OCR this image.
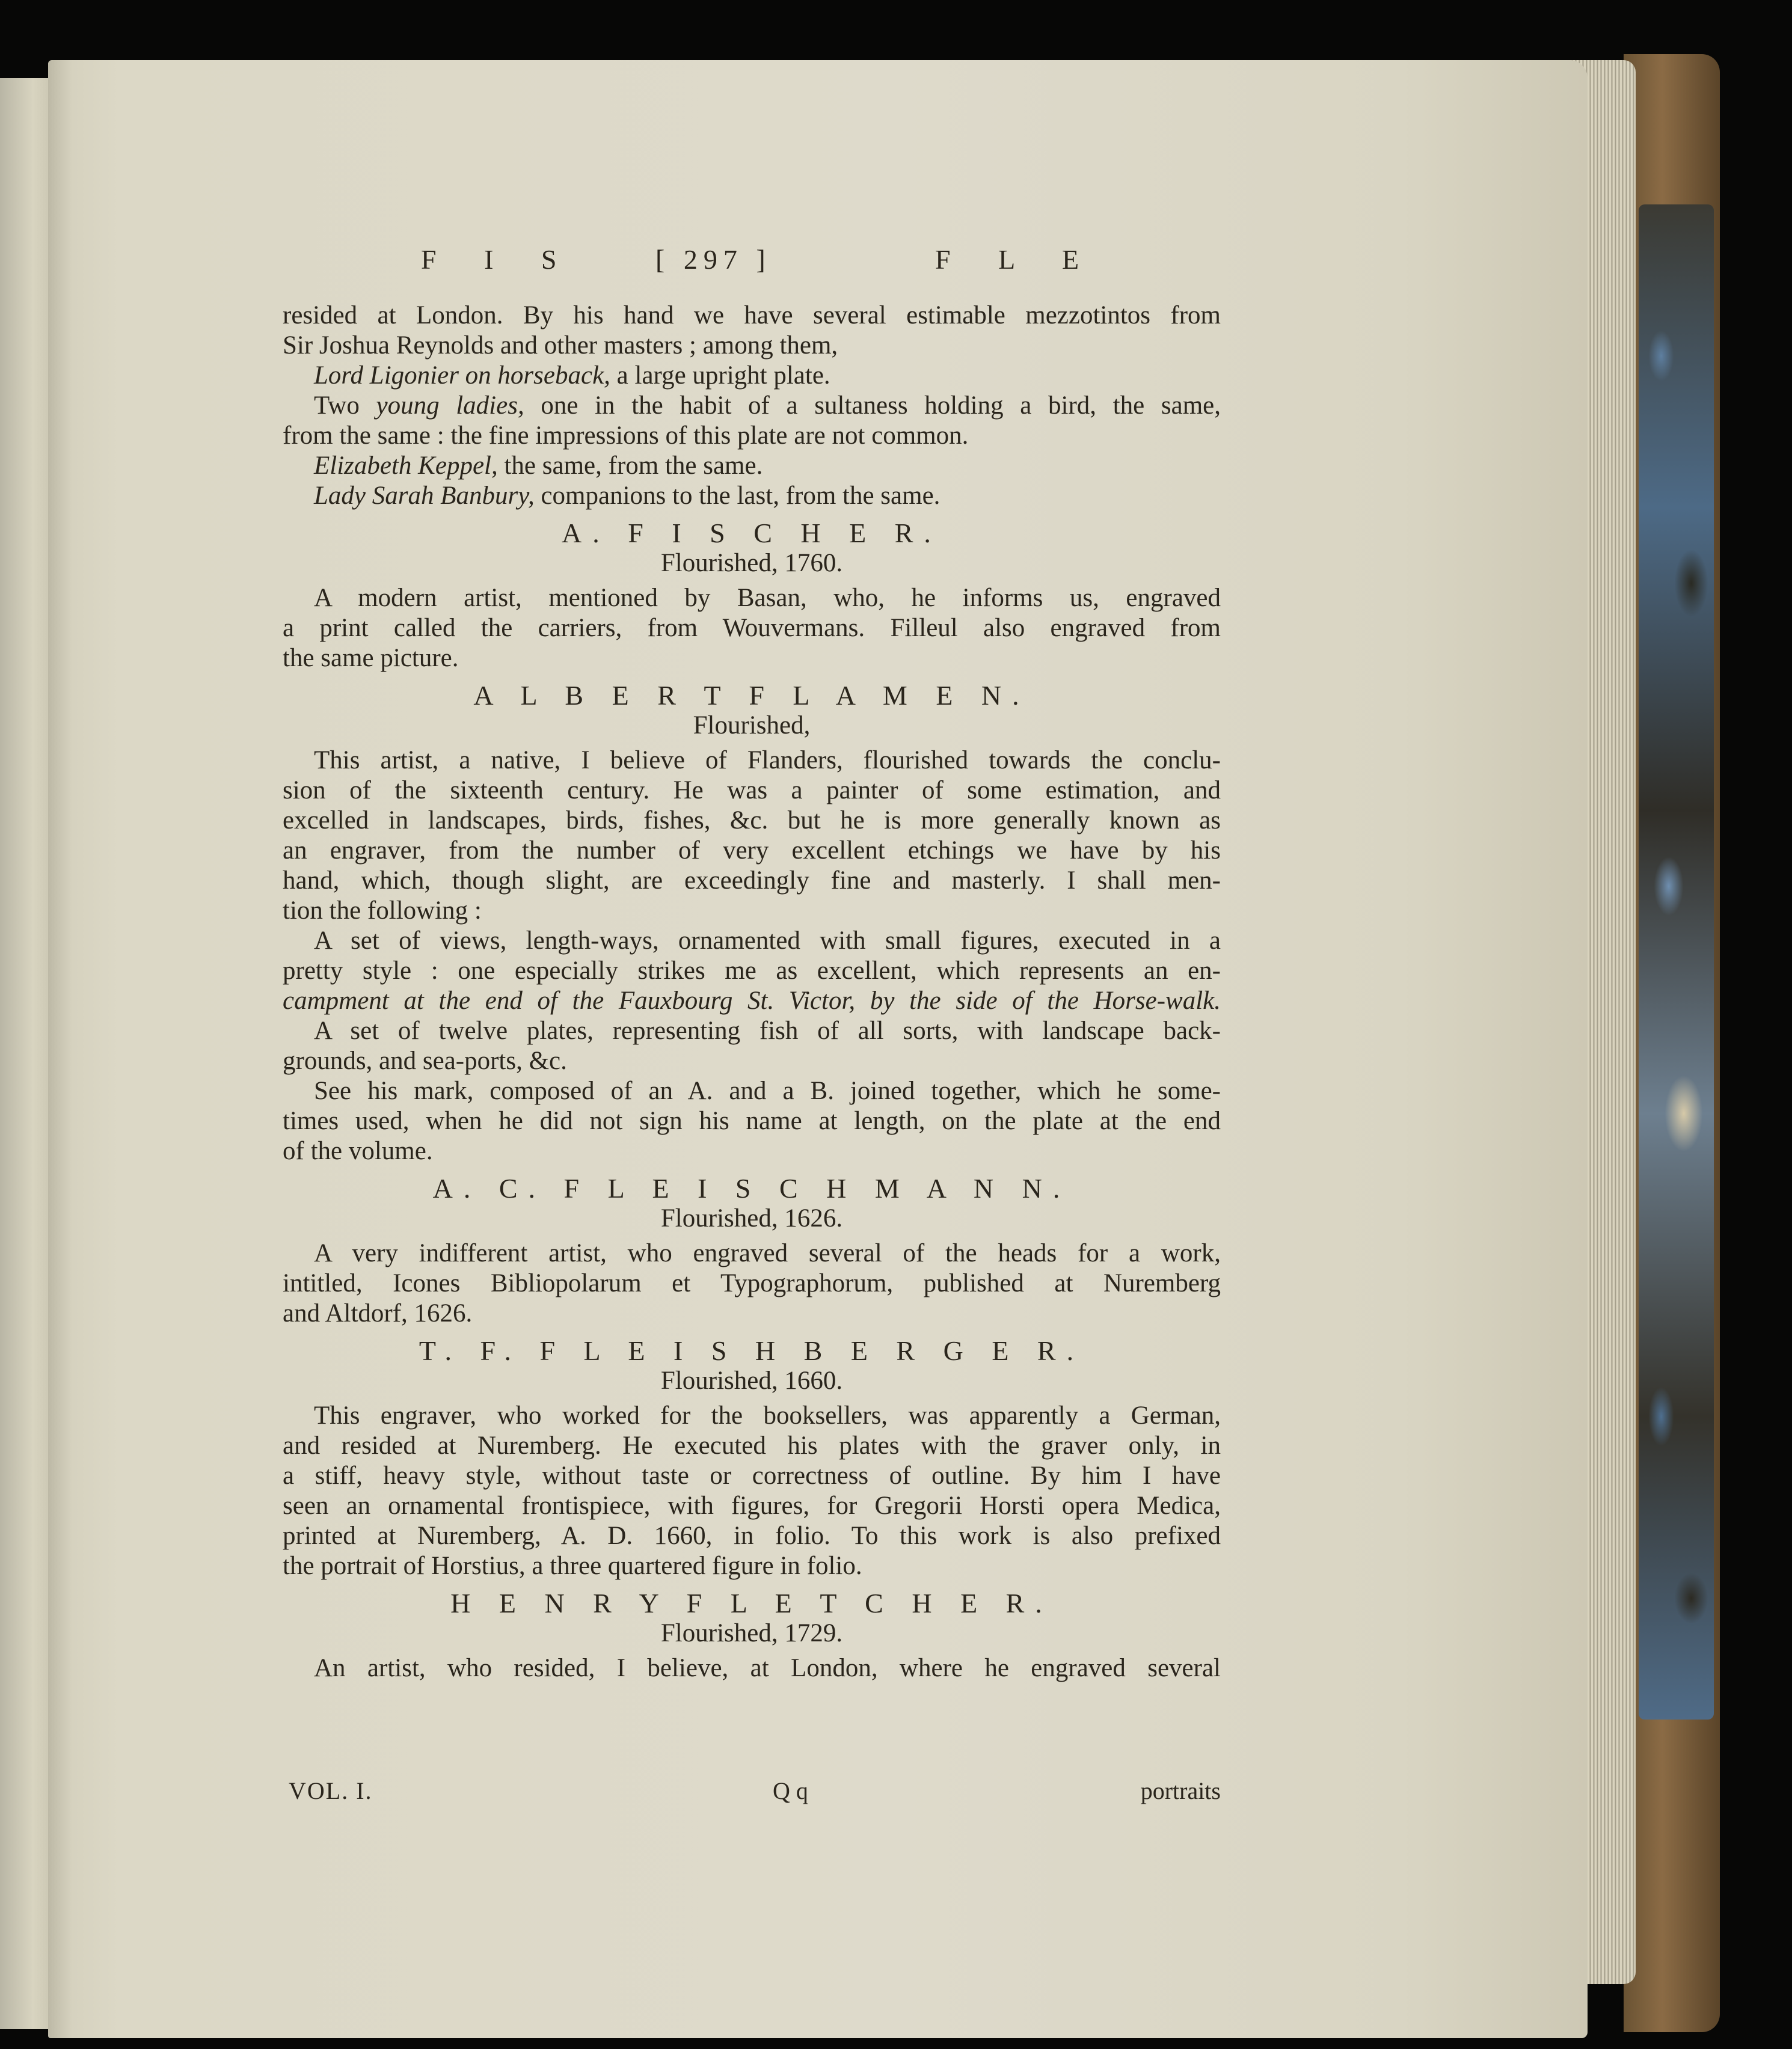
F I S	[ 297 ]	F L E
resided at London. By his hand we have several estimable mezzotintos from
Sir Joshua Reynolds and other masters ; among them,
Lord Ligonier on horseback, a large upright plate.
Two young ladies, one in the habit of a sultaness holding a bird, the same,
from the same : the fine impressions of this plate are not common.
Elizabeth Keppel, the same, from the same.
Lady Sarah Banbury, companions to the last, from the same.
A. F I S C H E R.
Flourished, 1760.
A modern artist, mentioned by Basan, who, he informs us, engraved
a print called the carriers, from Wouvermans. Filleul also engraved from
the same picture.
A L B E R T F L A M E N.
Flourished,
This artist, a native, I believe of Flanders, flourished towards the conclu-
sion of the sixteenth century. He was a painter of some estimation, and
excelled in landscapes, birds, fishes, &c. but he is more generally known as
an engraver, from the number of very excellent etchings we have by his
hand, which, though slight, are exceedingly fine and masterly. I shall men-
tion the following :
A set of views, length-ways, ornamented with small figures, executed in a
pretty style : one especially strikes me as excellent, which represents an en-
campment at the end of the Fauxbourg St. Victor, by the side of the Horse-walk.
A set of twelve plates, representing fish of all sorts, with landscape back-
grounds, and sea-ports, &c.
See his mark, composed of an A. and a B. joined together, which he some-
times used, when he did not sign his name at length, on the plate at the end
of the volume.
A. C. F L E I S C H M A N N.
Flourished, 1626.
A very indifferent artist, who engraved several of the heads for a work,
intitled, Icones Bibliopolarum et Typographorum, published at Nuremberg
and Altdorf, 1626.
T. F. F L E I S H B E R G E R.
Flourished, 1660.
This engraver, who worked for the booksellers, was apparently a German,
and resided at Nuremberg. He executed his plates with the graver only, in
a stiff, heavy style, without taste or correctness of outline. By him I have
seen an ornamental frontispiece, with figures, for Gregorii Horsti opera Medica,
printed at Nuremberg, A. D. 1660, in folio. To this work is also prefixed
the portrait of Horstius, a three quartered figure in folio.
H E N R Y F L E T C H E R.
Flourished, 1729.
An artist, who resided, I believe, at London, where he engraved several
VOL. I.	Q q	portraits
